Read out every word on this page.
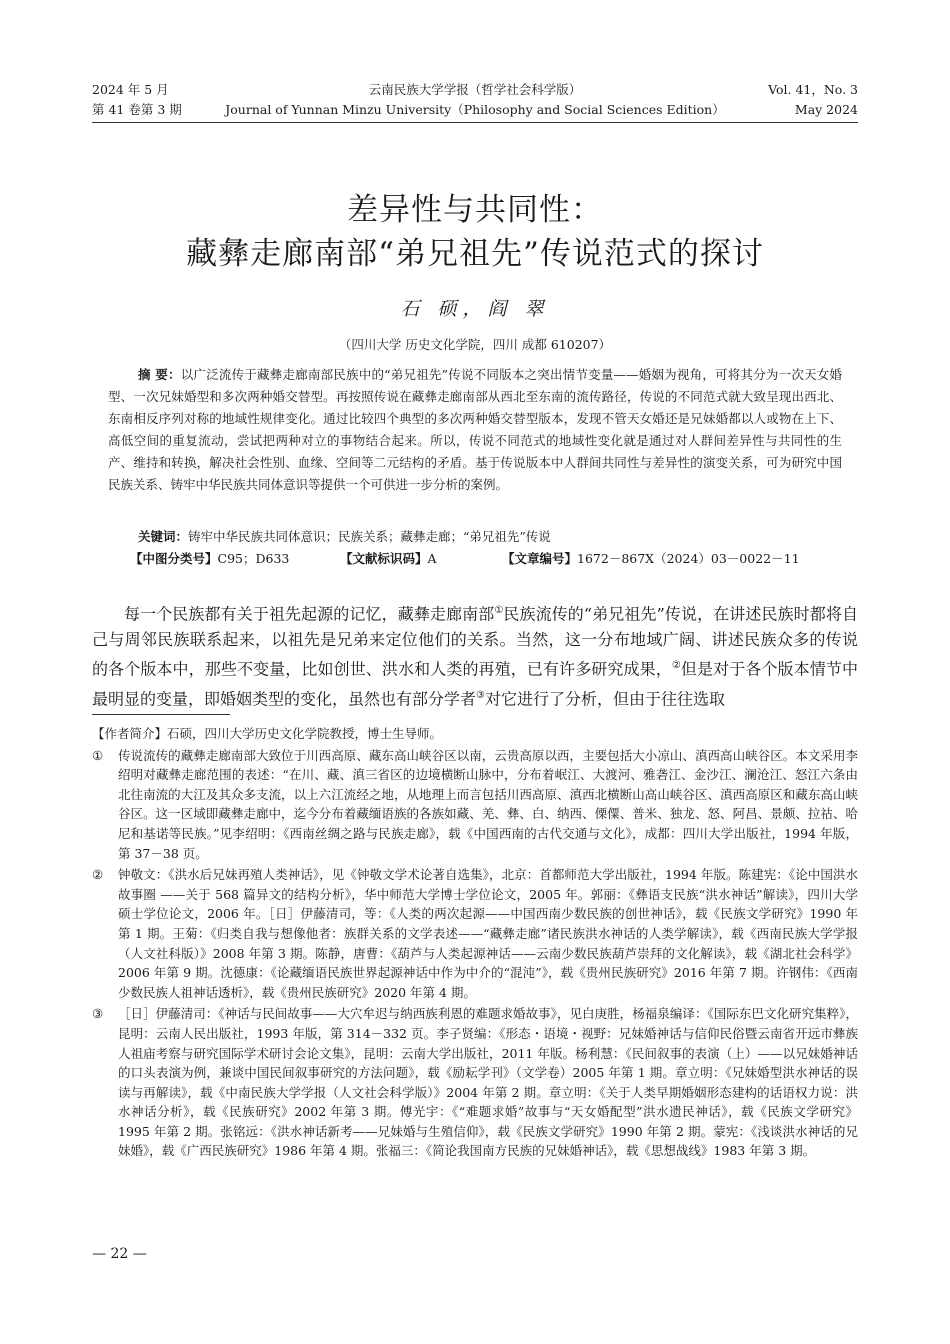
2024 年 5 月
第 41 卷第 3 期
云南民族大学学报（哲学社会科学版）
Journal of Yunnan Minzu University（Philosophy and Social Sciences Edition）
Vol. 41，No. 3
May 2024
差异性与共同性：
藏彝走廊南部“弟兄祖先”传说范式的探讨
石 硕，阎 翠
（四川大学 历史文化学院，四川 成都 610207）
摘 要：以广泛流传于藏彝走廊南部民族中的“弟兄祖先”传说不同版本之突出情节变量——婚姻为视角，可将其分为一次天女婚型、一次兄妹婚型和多次两种婚交替型。再按照传说在藏彝走廊南部从西北至东南的流传路径，传说的不同范式就大致呈现出西北、东南相反序列对称的地域性规律变化。通过比较四个典型的多次两种婚交替型版本，发现不管天女婚还是兄妹婚都以人或物在上下、高低空间的重复流动，尝试把两种对立的事物结合起来。所以，传说不同范式的地域性变化就是通过对人群间差异性与共同性的生产、维持和转换，解决社会性别、血缘、空间等二元结构的矛盾。基于传说版本中人群间共同性与差异性的演变关系，可为研究中国民族关系、铸牢中华民族共同体意识等提供一个可供进一步分析的案例。
关键词：铸牢中华民族共同体意识；民族关系；藏彝走廊；“弟兄祖先”传说
【中图分类号】C95；D633	【文献标识码】A	【文章编号】1672－867X（2024）03－0022－11
每一个民族都有关于祖先起源的记忆，藏彝走廊南部①民族流传的“弟兄祖先”传说，在讲述民族时都将自己与周邻民族联系起来，以祖先是兄弟来定位他们的关系。当然，这一分布地域广阔、讲述民族众多的传说的各个版本中，那些不变量，比如创世、洪水和人类的再殖，已有许多研究成果，②但是对于各个版本情节中最明显的变量，即婚姻类型的变化，虽然也有部分学者③对它进行了分析，但由于往往选取
【作者简介】石硕，四川大学历史文化学院教授，博士生导师。
① 传说流传的藏彝走廊南部大致位于川西高原、藏东高山峡谷区以南，云贵高原以西，主要包括大小凉山、滇西高山峡谷区。本文采用李绍明对藏彝走廊范围的表述：“在川、藏、滇三省区的边境横断山脉中，分布着岷江、大渡河、雅砻江、金沙江、澜沧江、怒江六条由北往南流的大江及其众多支流，以上六江流经之地，从地理上而言包括川西高原、滇西北横断山高山峡谷区、滇西高原区和藏东高山峡谷区。这一区域即藏彝走廊中，迄今分布着藏缅语族的各族如藏、羌、彝、白、纳西、傈僳、普米、独龙、怒、阿昌、景颇、拉祜、哈尼和基诺等民族。”见李绍明：《西南丝绸之路与民族走廊》，载《中国西南的古代交通与文化》，成都：四川大学出版社，1994 年版，第 37－38 页。
② 钟敬文：《洪水后兄妹再殖人类神话》，见《钟敬文学术论著自选集》，北京：首都师范大学出版社，1994 年版。陈建宪：《论中国洪水故事圈 ——关于 568 篇异文的结构分析》，华中师范大学博士学位论文，2005 年。郭丽：《彝语支民族“洪水神话”解读》，四川大学硕士学位论文，2006 年。［日］伊藤清司，等：《人类的两次起源——中国西南少数民族的创世神话》，载《民族文学研究》1990 年第 1 期。王菊：《归类自我与想像他者：族群关系的文学表述——“藏彝走廊”诸民族洪水神话的人类学解读》，载《西南民族大学学报（人文社科版）》2008 年第 3 期。陈静，唐曹：《葫芦与人类起源神话——云南少数民族葫芦崇拜的文化解读》，载《湖北社会科学》2006 年第 9 期。沈德康：《论藏缅语民族世界起源神话中作为中介的“混沌”》，载《贵州民族研究》2016 年第 7 期。许钢伟：《西南少数民族人祖神话透析》，载《贵州民族研究》2020 年第 4 期。
③ ［日］伊藤清司：《神话与民间故事——大穴牟迟与纳西族利恩的难题求婚故事》，见白庚胜，杨福泉编译：《国际东巴文化研究集粹》，昆明：云南人民出版社，1993 年版，第 314－332 页。李子贤编：《形态・语境・视野：兄妹婚神话与信仰民俗暨云南省开远市彝族人祖庙考察与研究国际学术研讨会论文集》，昆明：云南大学出版社，2011 年版。杨利慧：《民间叙事的表演（上）——以兄妹婚神话的口头表演为例，兼谈中国民间叙事研究的方法问题》，载《励耘学刊》（文学卷）2005 年第 1 期。章立明：《兄妹婚型洪水神话的误读与再解读》，载《中南民族大学学报（人文社会科学版）》2004 年第 2 期。章立明：《关于人类早期婚姻形态建构的话语权力说：洪水神话分析》，载《民族研究》2002 年第 3 期。傅光宇：《“难题求婚”故事与“天女婚配型”洪水遗民神话》，载《民族文学研究》1995 年第 2 期。张铭远：《洪水神话新考——兄妹婚与生殖信仰》，载《民族文学研究》1990 年第 2 期。蒙宪：《浅谈洪水神话的兄妹婚》，载《广西民族研究》1986 年第 4 期。张福三：《简论我国南方民族的兄妹婚神话》，载《思想战线》1983 年第 3 期。
— 22 —
